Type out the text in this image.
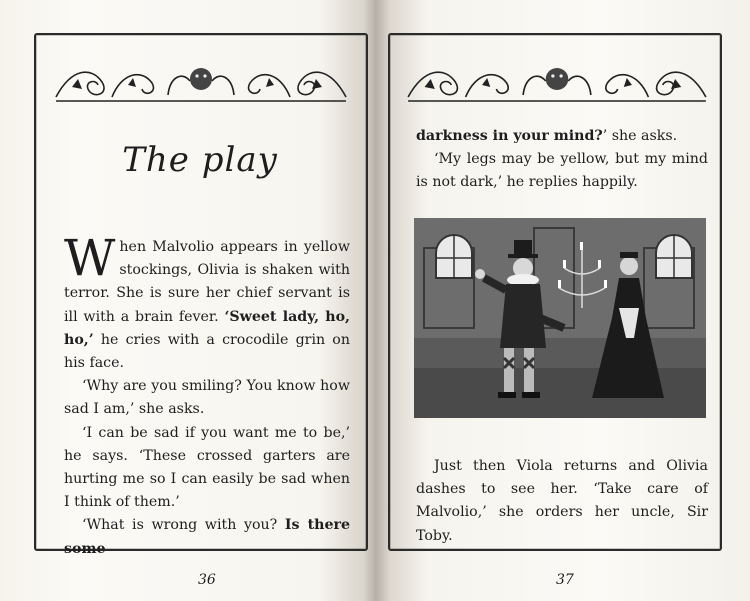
The play

When Malvolio appears in yellow stockings, Olivia is shaken with terror. She is sure her chief servant is ill with a brain fever. ‘Sweet lady, ho, ho,’ he cries with a crocodile grin on his face.

‘Why are you smiling? You know how sad I am,’ she asks.

‘I can be sad if you want me to be,’ he says. ‘These crossed garters are hurting me so I can easily be sad when I think of them.’

‘What is wrong with you? Is there some

36

darkness in your mind?’ she asks.

‘My legs may be yellow, but my mind is not dark,’ he replies happily.

Just then Viola returns and Olivia dashes to see her. ‘Take care of Malvolio,’ she orders her uncle, Sir Toby.

37
